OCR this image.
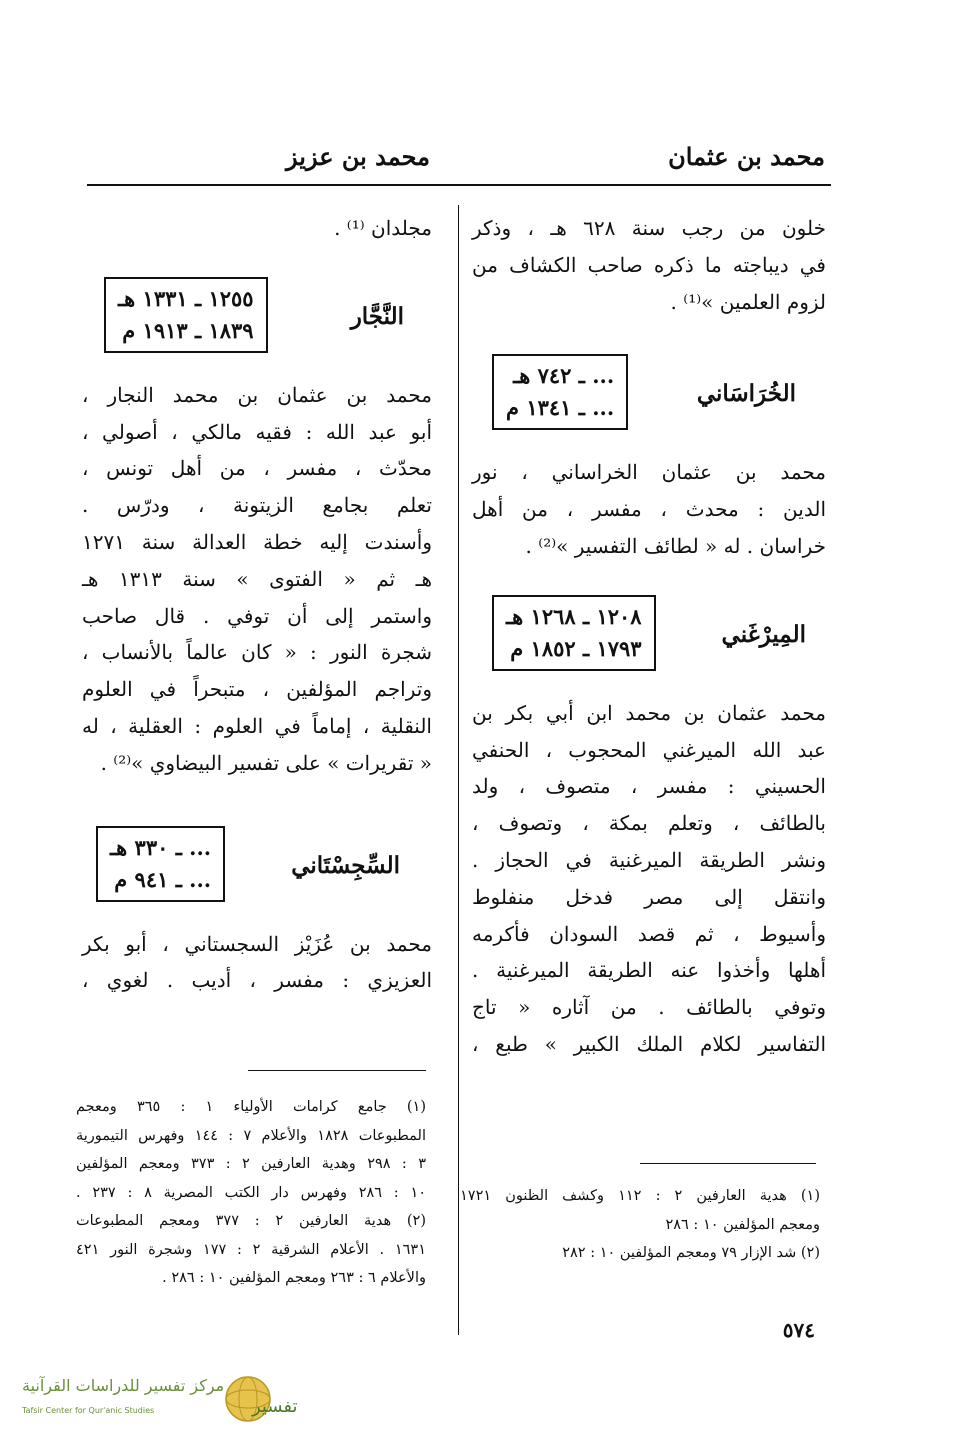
محمد بن عثمان
محمد بن عزيز
خلون من رجب سنة ٦٢٨ هـ ، وذكر
في ديباجته ما ذكره صاحب الكشاف من
لزوم العلمين »⁽¹⁾ .
الخُرَاسَاني
... ـ ٧٤٢ هـ
... ـ ١٣٤١ م
محمد بن عثمان الخراساني ، نور
الدين : محدث ، مفسر ، من أهل
خراسان . له « لطائف التفسير »⁽²⁾ .
المِيرْغَني
١٢٠٨ ـ ١٢٦٨ هـ
١٧٩٣ ـ ١٨٥٢ م
محمد عثمان بن محمد ابن أبي بكر بن
عبد الله الميرغني المحجوب ، الحنفي
الحسيني : مفسر ، متصوف ، ولد
بالطائف ، وتعلم بمكة ، وتصوف ،
ونشر الطريقة الميرغنية في الحجاز .
وانتقل إلى مصر فدخل منفلوط
وأسيوط ، ثم قصد السودان فأكرمه
أهلها وأخذوا عنه الطريقة الميرغنية .
وتوفي بالطائف . من آثاره « تاج
التفاسير لكلام الملك الكبير » طبع ،
(١) هدية العارفين ٢ : ١١٢ وكشف الظنون ١٧٢١
ومعجم المؤلفين ١٠ : ٢٨٦
(٢) شد الإزار ٧٩ ومعجم المؤلفين ١٠ : ٢٨٢
مجلدان ⁽¹⁾ .
النَّجَّار
١٢٥٥ ـ ١٣٣١ هـ
١٨٣٩ ـ ١٩١٣ م
محمد بن عثمان بن محمد النجار ،
أبو عبد الله : فقيه مالكي ، أصولي ،
محدّث ، مفسر ، من أهل تونس ،
تعلم بجامع الزيتونة ، ودرّس .
وأسندت إليه خطة العدالة سنة ١٢٧١
هـ ثم « الفتوى » سنة ١٣١٣ هـ
واستمر إلى أن توفي . قال صاحب
شجرة النور : « كان عالماً بالأنساب ،
وتراجم المؤلفين ، متبحراً في العلوم
النقلية ، إماماً في العلوم : العقلية ، له
« تقريرات » على تفسير البيضاوي »⁽²⁾ .
السِّجِسْتَاني
... ـ ٣٣٠ هـ
... ـ ٩٤١ م
محمد بن عُزَيْز السجستاني ، أبو بكر
العزيزي : مفسر ، أديب . لغوي ،
(١) جامع كرامات الأولياء ١ : ٣٦٥ ومعجم
المطبوعات ١٨٢٨ والأعلام ٧ : ١٤٤ وفهرس التيمورية
٣ : ٢٩٨ وهدية العارفين ٢ : ٣٧٣ ومعجم المؤلفين
١٠ : ٢٨٦ وفهرس دار الكتب المصرية ٨ : ٢٣٧ .
(٢) هدية العارفين ٢ : ٣٧٧ ومعجم المطبوعات
١٦٣١ . الأعلام الشرقية ٢ : ١٧٧ وشجرة النور ٤٢١
والأعلام ٦ : ٢٦٣ ومعجم المؤلفين ١٠ : ٢٨٦ .
٥٧٤
مركز تفسير للدراسات القرآنية
Tafsir Center for Qur'anic Studies	تفسير
